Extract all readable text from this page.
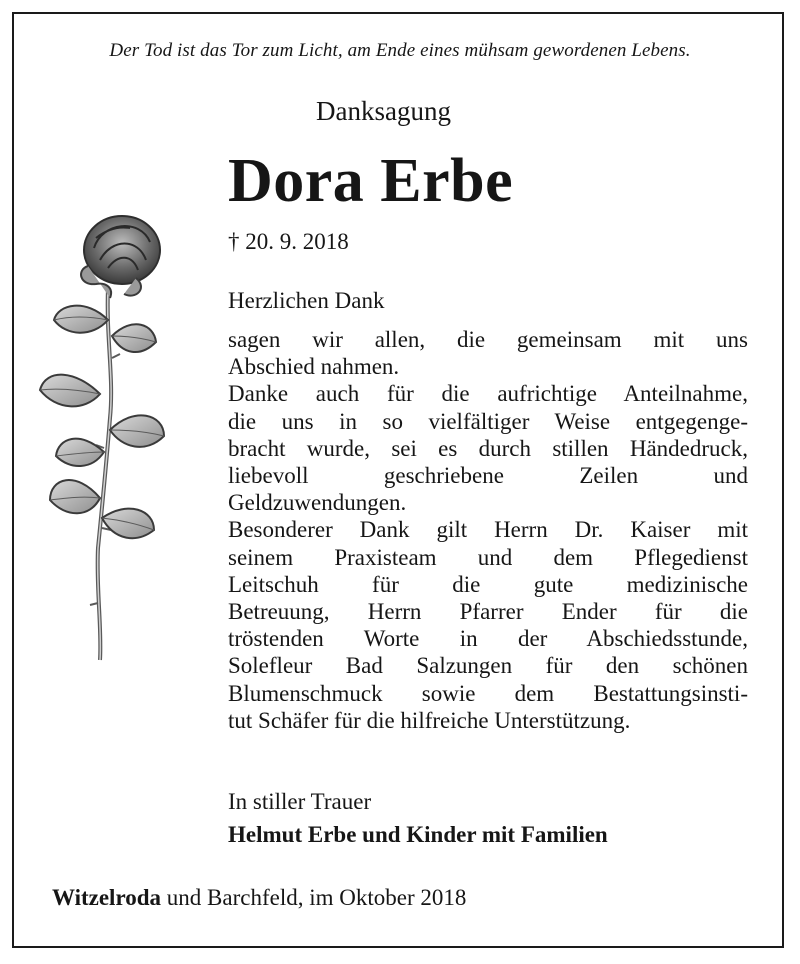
Der Tod ist das Tor zum Licht, am Ende eines mühsam gewordenen Lebens.
Danksagung
Dora Erbe
† 20. 9. 2018
Herzlichen Dank
sagen wir allen, die gemeinsam mit uns
Abschied nahmen.
Danke auch für die aufrichtige Anteilnahme,
die uns in so vielfältiger Weise entgegenge-
bracht wurde, sei es durch stillen Händedruck,
liebevoll geschriebene Zeilen und
Geldzuwendungen.
Besonderer Dank gilt Herrn Dr. Kaiser mit
seinem Praxisteam und dem Pflegedienst
Leitschuh für die gute medizinische
Betreuung, Herrn Pfarrer Ender für die
tröstenden Worte in der Abschiedsstunde,
Solefleur Bad Salzungen für den schönen
Blumenschmuck sowie dem Bestattungsinsti-
tut Schäfer für die hilfreiche Unterstützung.
In stiller Trauer
Helmut Erbe und Kinder mit Familien
Witzelroda und Barchfeld, im Oktober 2018
